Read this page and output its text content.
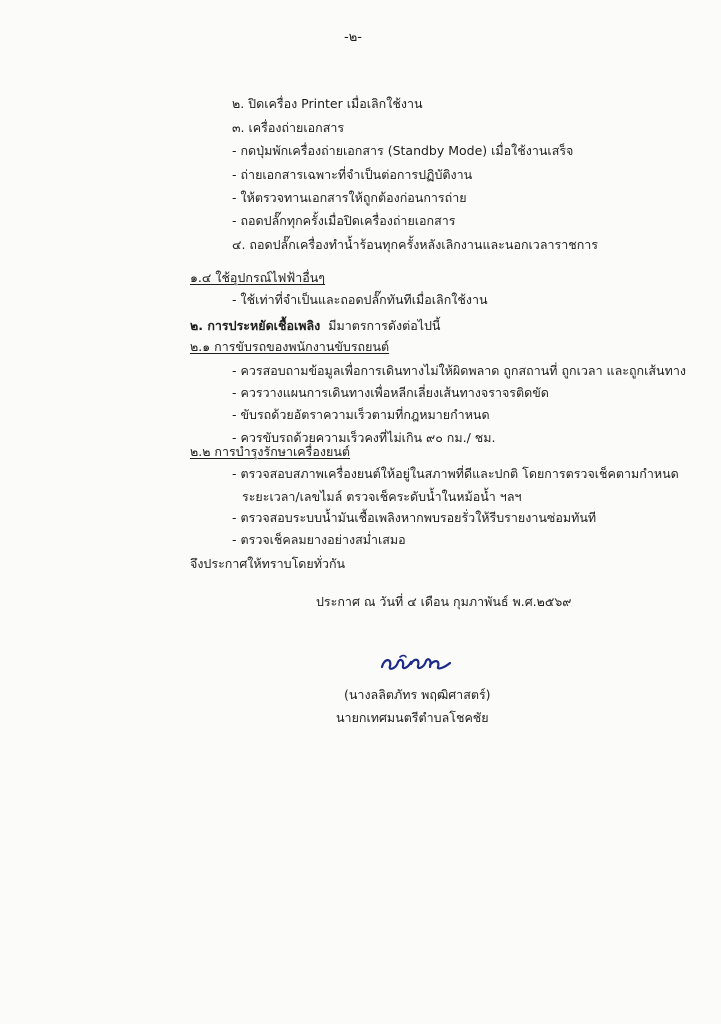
-๒-
๒. ปิดเครื่อง Printer เมื่อเลิกใช้งาน
๓. เครื่องถ่ายเอกสาร
- กดปุ่มพักเครื่องถ่ายเอกสาร (Standby Mode) เมื่อใช้งานเสร็จ
- ถ่ายเอกสารเฉพาะที่จำเป็นต่อการปฏิบัติงาน
- ให้ตรวจทานเอกสารให้ถูกต้องก่อนการถ่าย
- ถอดปลั๊กทุกครั้งเมื่อปิดเครื่องถ่ายเอกสาร
๔. ถอดปลั๊กเครื่องทำน้ำร้อนทุกครั้งหลังเลิกงานและนอกเวลาราชการ
๑.๔ ใช้อุปกรณ์ไฟฟ้าอื่นๆ
- ใช้เท่าที่จำเป็นและถอดปลั๊กทันทีเมื่อเลิกใช้งาน
๒. การประหยัดเชื้อเพลิง มีมาตรการดังต่อไปนี้
๒.๑ การขับรถของพนักงานขับรถยนต์
- ควรสอบถามข้อมูลเพื่อการเดินทางไม่ให้ผิดพลาด ถูกสถานที่ ถูกเวลา และถูกเส้นทาง
- ควรวางแผนการเดินทางเพื่อหลีกเลี่ยงเส้นทางจราจรติดขัด
- ขับรถด้วยอัตราความเร็วตามที่กฎหมายกำหนด
- ควรขับรถด้วยความเร็วคงที่ไม่เกิน ๙๐ กม./ ชม.
๒.๒ การบำรุงรักษาเครื่องยนต์
- ตรวจสอบสภาพเครื่องยนต์ให้อยู่ในสภาพที่ดีและปกติ โดยการตรวจเช็คตามกำหนด
ระยะเวลา/เลขไมล์ ตรวจเช็คระดับน้ำในหม้อน้ำ ฯลฯ
- ตรวจสอบระบบน้ำมันเชื้อเพลิงหากพบรอยรั่วให้รีบรายงานซ่อมทันที
- ตรวจเช็คลมยางอย่างสม่ำเสมอ
จึงประกาศให้ทราบโดยทั่วกัน
ประกาศ ณ วันที่ ๔ เดือน กุมภาพันธ์ พ.ศ.๒๕๖๙
(นางลลิตภัทร พฤฒิศาสตร์)
นายกเทศมนตรีตำบลโชคชัย
